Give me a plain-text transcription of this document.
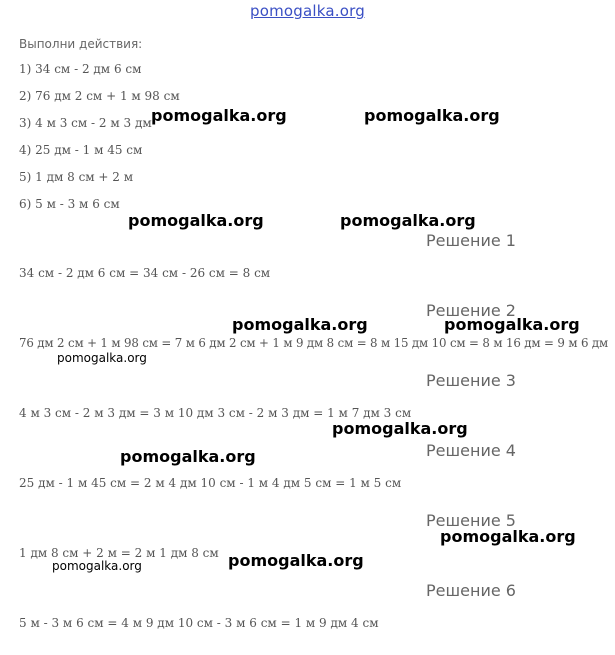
pomogalka.org
Выполни действия:
1) 34 см - 2 дм 6 см
2) 76 дм 2 см + 1 м 98 см
3) 4 м 3 см - 2 м 3 дм
4) 25 дм - 1 м 45 см
5) 1 дм 8 см + 2 м
6) 5 м - 3 м 6 см
Решение 1
34 см - 2 дм 6 см = 34 см - 26 см = 8 см
Решение 2
76 дм 2 см + 1 м 98 см = 7 м 6 дм 2 см + 1 м 9 дм 8 см = 8 м 15 дм 10 см = 8 м 16 дм = 9 м 6 дм
Решение 3
4 м 3 см - 2 м 3 дм = 3 м 10 дм 3 см - 2 м 3 дм = 1 м 7 дм 3 см
Решение 4
25 дм - 1 м 45 см = 2 м 4 дм 10 см - 1 м 4 дм 5 см = 1 м 5 см
Решение 5
1 дм 8 см + 2 м = 2 м 1 дм 8 см
Решение 6
5 м - 3 м 6 см = 4 м 9 дм 10 см - 3 м 6 см = 1 м 9 дм 4 см
pomogalka.org	pomogalka.org
pomogalka.org	pomogalka.org
pomogalka.org	pomogalka.org
pomogalka.org
pomogalka.org
pomogalka.org
pomogalka.org
pomogalka.org
pomogalka.org
